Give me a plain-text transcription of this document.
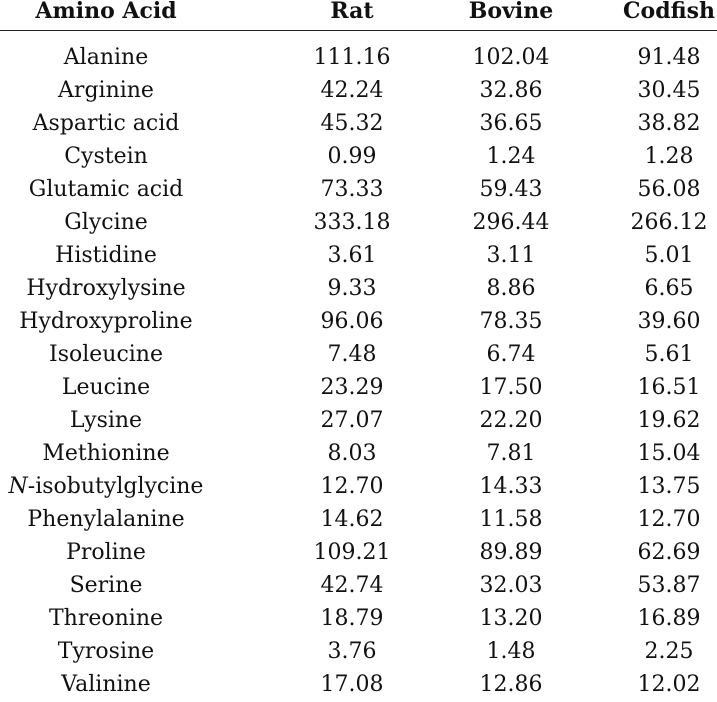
Amino Acid	Rat	Bovine	Codfish
Alanine	111.16	102.04	91.48
Arginine	42.24	32.86	30.45
Aspartic acid	45.32	36.65	38.82
Cystein	0.99	1.24	1.28
Glutamic acid	73.33	59.43	56.08
Glycine	333.18	296.44	266.12
Histidine	3.61	3.11	5.01
Hydroxylysine	9.33	8.86	6.65
Hydroxyproline	96.06	78.35	39.60
Isoleucine	7.48	6.74	5.61
Leucine	23.29	17.50	16.51
Lysine	27.07	22.20	19.62
Methionine	8.03	7.81	15.04
N-isobutylglycine	12.70	14.33	13.75
Phenylalanine	14.62	11.58	12.70
Proline	109.21	89.89	62.69
Serine	42.74	32.03	53.87
Threonine	18.79	13.20	16.89
Tyrosine	3.76	1.48	2.25
Valinine	17.08	12.86	12.02
